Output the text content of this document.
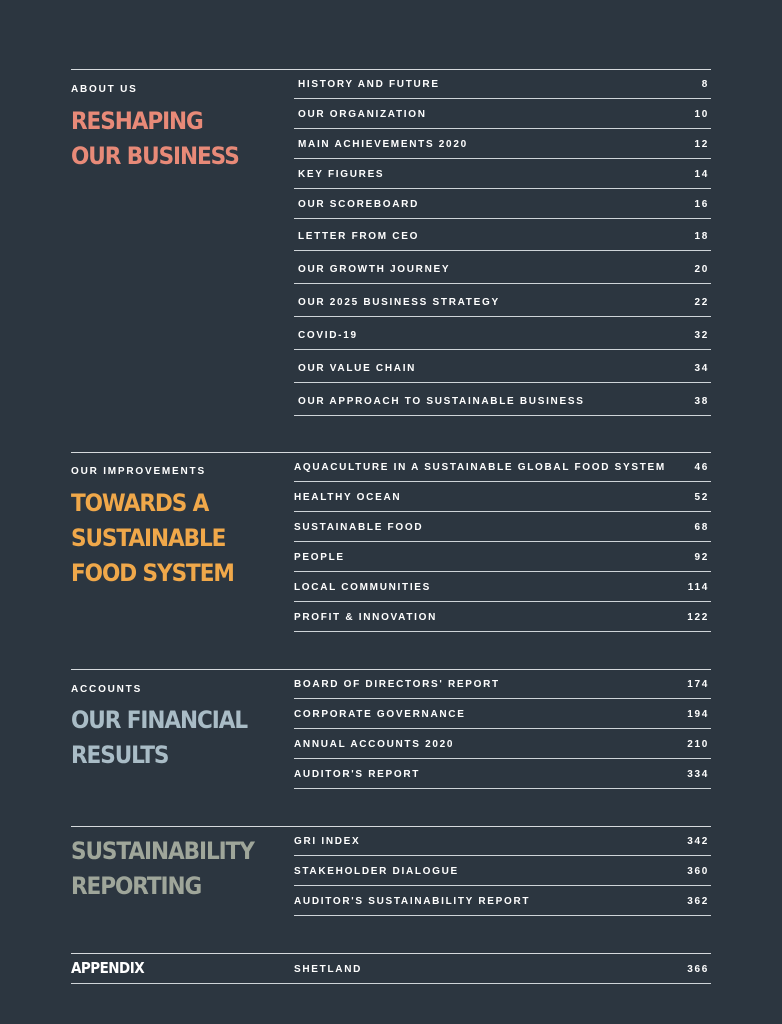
ABOUT US
RESHAPING
OUR BUSINESS
HISTORY AND FUTURE	8
OUR ORGANIZATION	10
MAIN ACHIEVEMENTS 2020	12
KEY FIGURES	14
OUR SCOREBOARD	16
LETTER FROM CEO	18
OUR GROWTH JOURNEY	20
OUR 2025 BUSINESS STRATEGY	22
COVID-19	32
OUR VALUE CHAIN	34
OUR APPROACH TO SUSTAINABLE BUSINESS	38
OUR IMPROVEMENTS
TOWARDS A
SUSTAINABLE
FOOD SYSTEM
AQUACULTURE IN A SUSTAINABLE GLOBAL FOOD SYSTEM	46
HEALTHY OCEAN	52
SUSTAINABLE FOOD	68
PEOPLE	92
LOCAL COMMUNITIES	114
PROFIT & INNOVATION	122
ACCOUNTS
OUR FINANCIAL
RESULTS
BOARD OF DIRECTORS' REPORT	174
CORPORATE GOVERNANCE	194
ANNUAL ACCOUNTS 2020	210
AUDITOR'S REPORT	334
SUSTAINABILITY
REPORTING
GRI INDEX	342
STAKEHOLDER DIALOGUE	360
AUDITOR'S SUSTAINABILITY REPORT	362
APPENDIX	SHETLAND	366
